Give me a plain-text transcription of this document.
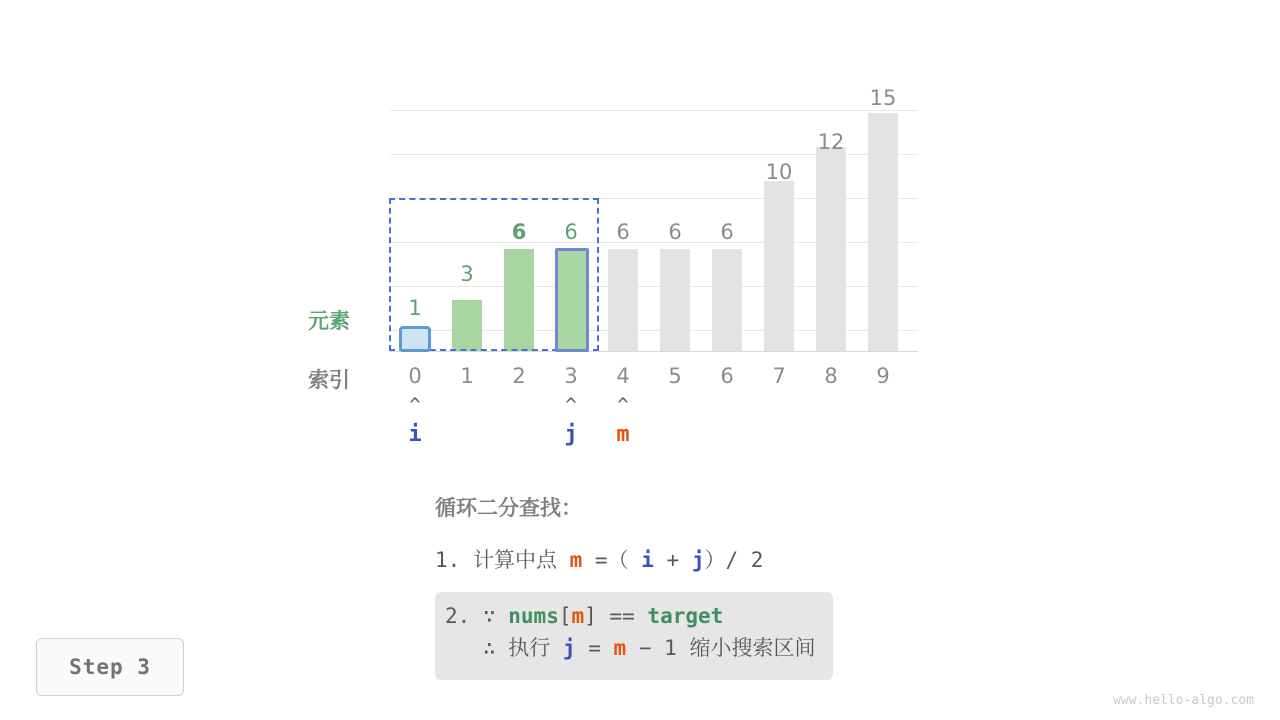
元素
索引
1
3
6	6	6	6	6
10
12
15
0	1	2	3	4	5	6	7	8	9
^	^	^
i	j	m
循环二分查找：
1. 计算中点 m =（ i + j）/ 2
2. ∵ nums[m] == target
∴ 执行 j = m − 1 缩小搜索区间
Step 3
www.hello-algo.com
